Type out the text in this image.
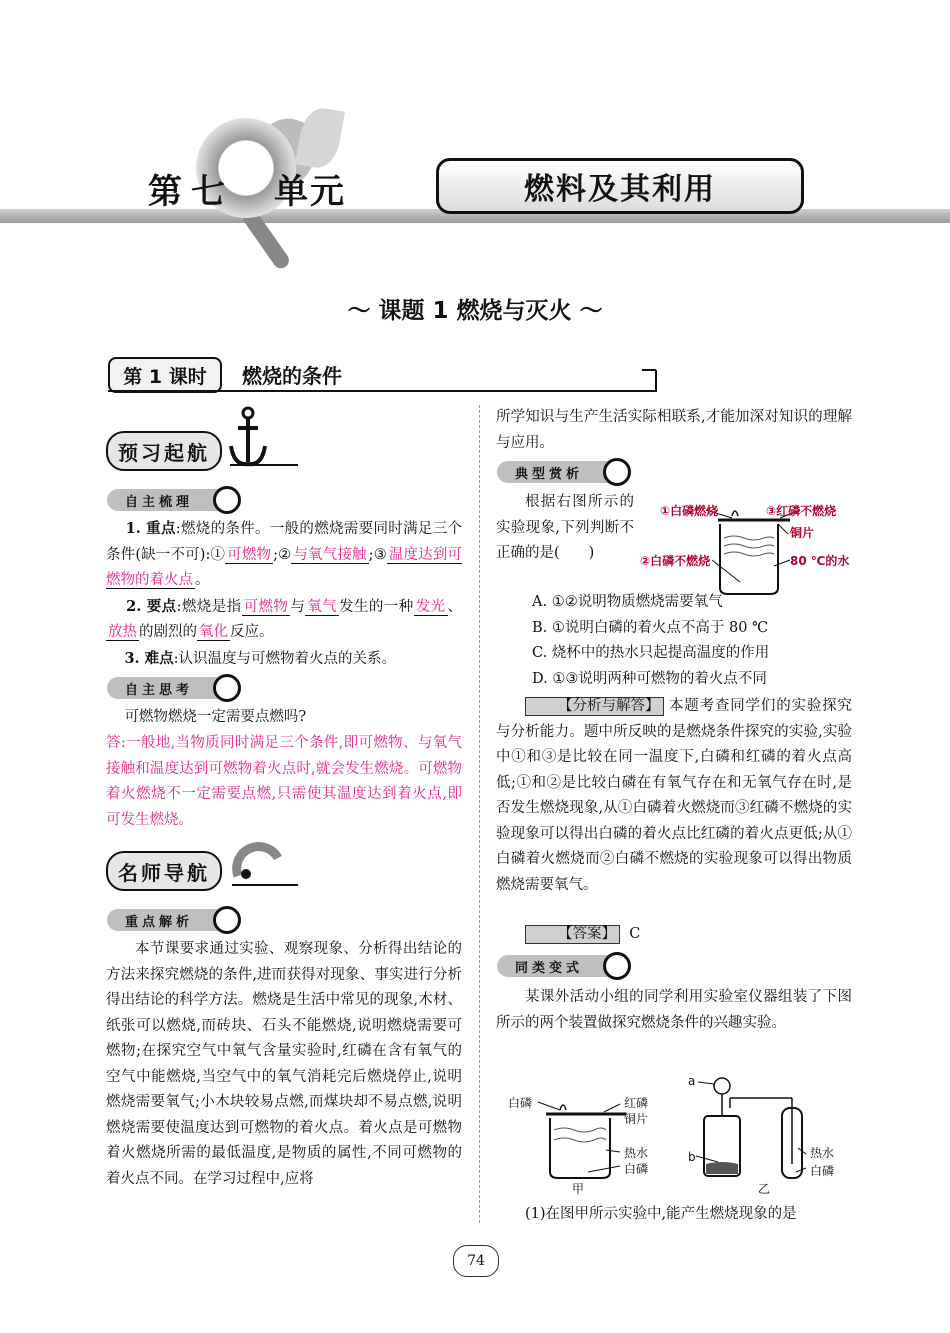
第 七 单元	燃料及其利用
〜 课题 1 燃烧与灭火 〜
第 1 课时	燃烧的条件
预习起航
自主梳理
1. 重点:燃烧的条件。一般的燃烧需要同时满足三个条件(缺一不可):① 可燃物 ;② 与氧气接触 ;③ 温度达到可燃物的着火点 。
2. 要点:燃烧是指 可燃物 与 氧气 发生的一种 发光 、放热 的剧烈的 氧化 反应。
3. 难点:认识温度与可燃物着火点的关系。
自主思考
可燃物燃烧一定需要点燃吗?
答:一般地,当物质同时满足三个条件,即可燃物、与氧气接触和温度达到可燃物着火点时,就会发生燃烧。可燃物着火燃烧不一定需要点燃,只需使其温度达到着火点,即可发生燃烧。
名师导航
重点解析
本节课要求通过实验、观察现象、分析得出结论的方法来探究燃烧的条件,进而获得对现象、事实进行分析得出结论的科学方法。燃烧是生活中常见的现象,木材、纸张可以燃烧,而砖块、石头不能燃烧,说明燃烧需要可燃物;在探究空气中氧气含量实验时,红磷在含有氧气的空气中能燃烧,当空气中的氧气消耗完后燃烧停止,说明燃烧需要氧气;小木块较易点燃,而煤块却不易点燃,说明燃烧需要使温度达到可燃物的着火点。着火点是可燃物着火燃烧所需的最低温度,是物质的属性,不同可燃物的着火点不同。在学习过程中,应将
所学知识与生产生活实际相联系,才能加深对知识的理解与应用。
典型赏析
根据右图所示的实验现象,下列判断不正确的是(　　)
①白磷燃烧	③红磷不燃烧
铜片
②白磷不燃烧	80 ℃的水
A. ①②说明物质燃烧需要氧气
B. ①说明白磷的着火点不高于 80 ℃
C. 烧杯中的热水只起提高温度的作用
D. ①③说明两种可燃物的着火点不同
【分析与解答】 本题考查同学们的实验探究与分析能力。题中所反映的是燃烧条件探究的实验,实验中①和③是比较在同一温度下,白磷和红磷的着火点高低;①和②是比较白磷在有氧气存在和无氧气存在时,是否发生燃烧现象,从①白磷着火燃烧而③红磷不燃烧的实验现象可以得出白磷的着火点比红磷的着火点更低;从①白磷着火燃烧而②白磷不燃烧的实验现象可以得出物质燃烧需要氧气。
【答案】 C
同类变式
某课外活动小组的同学利用实验室仪器组装了下图所示的两个装置做探究燃烧条件的兴趣实验。
白磷	红磷
铜片
热水
白磷
甲
a
b	热水
白磷
乙
(1)在图甲所示实验中,能产生燃烧现象的是
74
